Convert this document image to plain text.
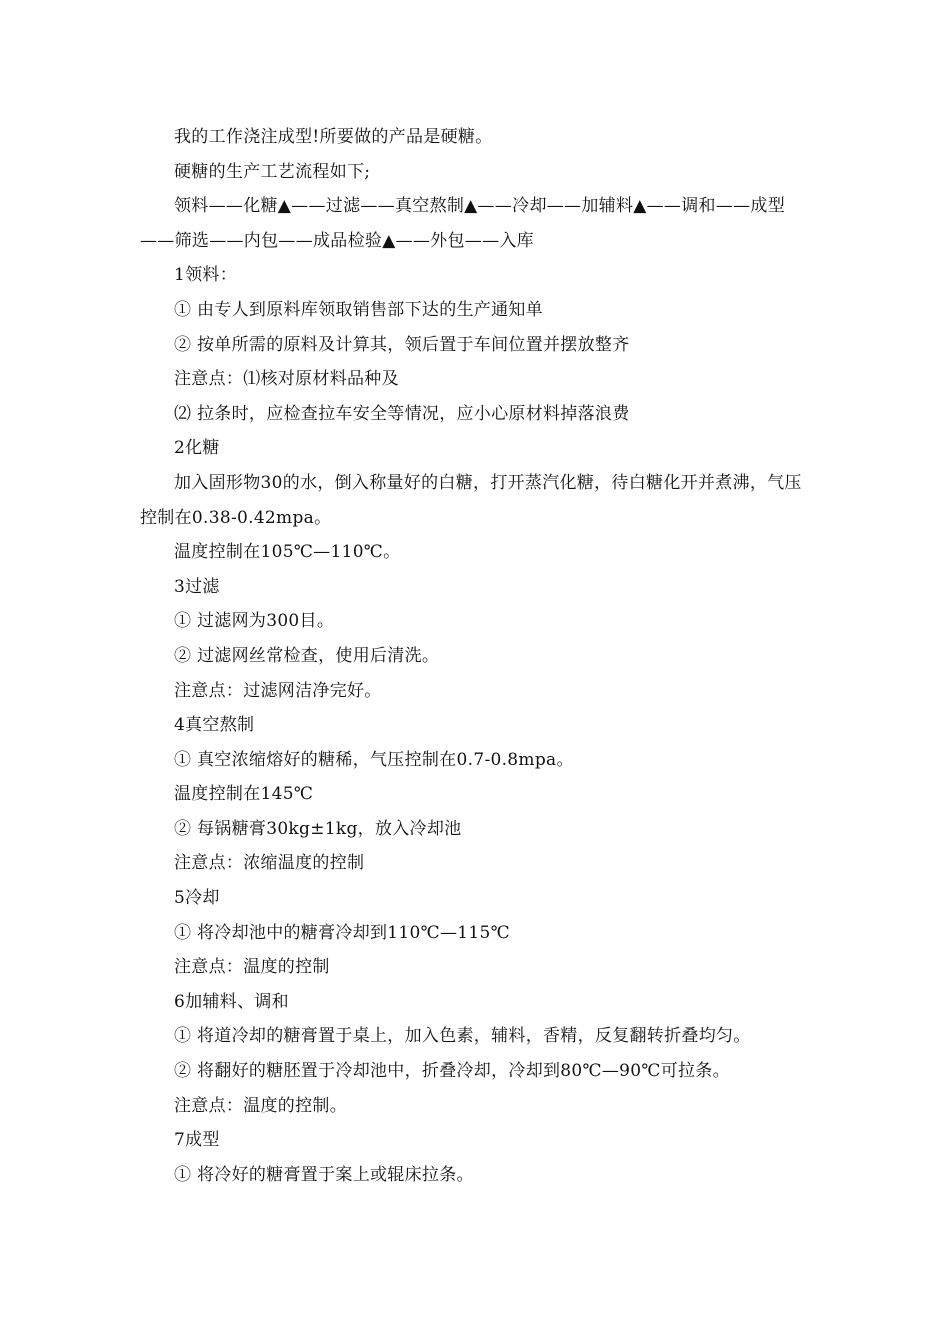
我的工作浇注成型!所要做的产品是硬糖。

硬糖的生产工艺流程如下;

领料——化糖▲——过滤——真空熬制▲——冷却——加辅料▲——调和——成型——筛选——内包——成品检验▲——外包——入库

1领料：

① 由专人到原料库领取销售部下达的生产通知单

② 按单所需的原料及计算其，领后置于车间位置并摆放整齐

注意点：⑴核对原材料品种及

⑵ 拉条时，应检查拉车安全等情况，应小心原材料掉落浪费

2化糖

加入固形物30的水，倒入称量好的白糖，打开蒸汽化糖，待白糖化开并煮沸，气压控制在0.38-0.42mpa。

温度控制在105℃—110℃。

3过滤

① 过滤网为300目。

② 过滤网丝常检查，使用后清洗。

注意点：过滤网洁净完好。

4真空熬制

① 真空浓缩熔好的糖稀，气压控制在0.7-0.8mpa。

温度控制在145℃

② 每锅糖膏30kg±1kg，放入冷却池

注意点：浓缩温度的控制

5冷却

① 将冷却池中的糖膏冷却到110℃—115℃

注意点：温度的控制

6加辅料、调和

① 将道冷却的糖膏置于桌上，加入色素，辅料，香精，反复翻转折叠均匀。

② 将翻好的糖胚置于冷却池中，折叠冷却，冷却到80℃—90℃可拉条。

注意点：温度的控制。

7成型

① 将冷好的糖膏置于案上或辊床拉条。
